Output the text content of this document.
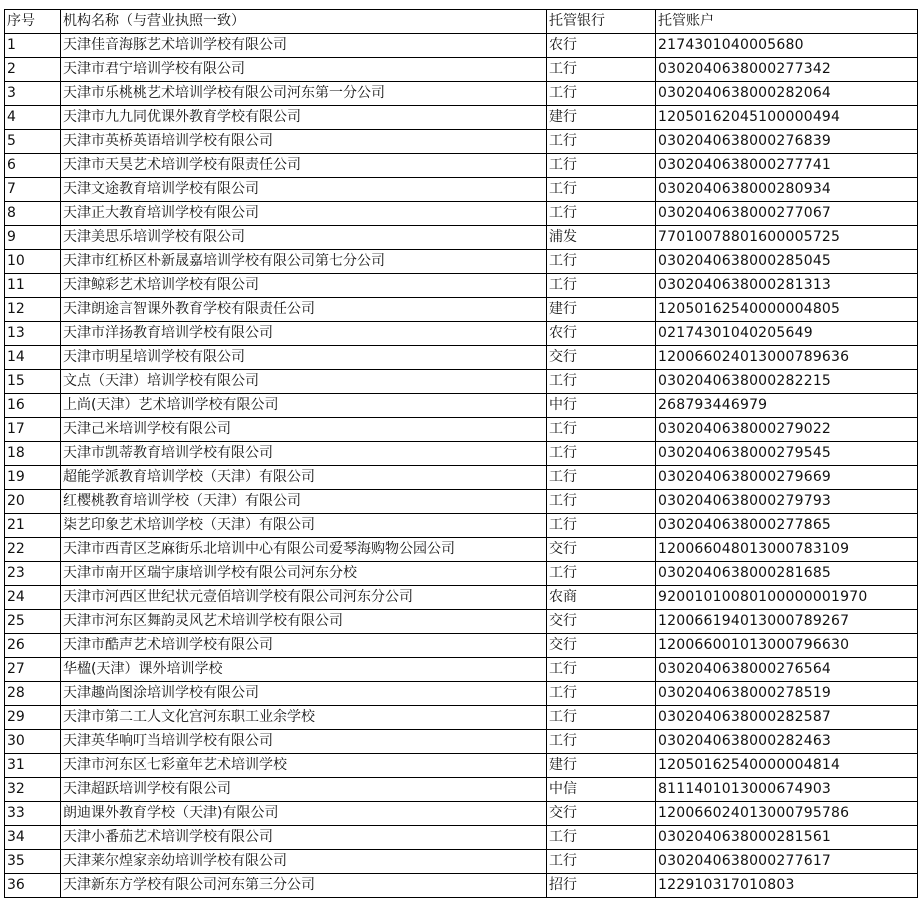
序号	机构名称（与营业执照一致）	托管银行	托管账户
1	天津佳音海豚艺术培训学校有限公司	农行	2174301040005680
2	天津市君宁培训学校有限公司	工行	0302040638000277342
3	天津市乐桃桃艺术培训学校有限公司河东第一分公司	工行	0302040638000282064
4	天津市九九同优课外教育学校有限公司	建行	12050162045100000494
5	天津市英桥英语培训学校有限公司	工行	0302040638000276839
6	天津市天昊艺术培训学校有限责任公司	工行	0302040638000277741
7	天津文途教育培训学校有限公司	工行	0302040638000280934
8	天津正大教育培训学校有限公司	工行	0302040638000277067
9	天津美思乐培训学校有限公司	浦发	77010078801600005725
10	天津市红桥区朴新晟嘉培训学校有限公司第七分公司	工行	0302040638000285045
11	天津鲸彩艺术培训学校有限公司	工行	0302040638000281313
12	天津朗途言智课外教育学校有限责任公司	建行	12050162540000004805
13	天津市洋扬教育培训学校有限公司	农行	02174301040205649
14	天津市明星培训学校有限公司	交行	120066024013000789636
15	文点（天津）培训学校有限公司	工行	0302040638000282215
16	上尚(天津）艺术培训学校有限公司	中行	268793446979
17	天津己米培训学校有限公司	工行	0302040638000279022
18	天津市凯蒂教育培训学校有限公司	工行	0302040638000279545
19	超能学派教育培训学校（天津）有限公司	工行	0302040638000279669
20	红樱桃教育培训学校（天津）有限公司	工行	0302040638000279793
21	柒艺印象艺术培训学校（天津）有限公司	工行	0302040638000277865
22	天津市西青区芝麻街乐北培训中心有限公司爱琴海购物公园公司	交行	120066048013000783109
23	天津市南开区瑞宇康培训学校有限公司河东分校	工行	0302040638000281685
24	天津市河西区世纪状元壹佰培训学校有限公司河东分公司	农商	92001010080100000001970
25	天津市河东区舞韵灵风艺术培训学校有限公司	交行	120066194013000789267
26	天津市酷声艺术培训学校有限公司	交行	120066001013000796630
27	华楹(天津）课外培训学校	工行	0302040638000276564
28	天津趣尚图涂培训学校有限公司	工行	0302040638000278519
29	天津市第二工人文化宫河东职工业余学校	工行	0302040638000282587
30	天津英华响叮当培训学校有限公司	工行	0302040638000282463
31	天津市河东区七彩童年艺术培训学校	建行	12050162540000004814
32	天津超跃培训学校有限公司	中信	8111401013000674903
33	朗迪课外教育学校（天津)有限公司	交行	120066024013000795786
34	天津小番茄艺术培训学校有限公司	工行	0302040638000281561
35	天津莱尔煌家亲幼培训学校有限公司	工行	0302040638000277617
36	天津新东方学校有限公司河东第三分公司	招行	122910317010803
